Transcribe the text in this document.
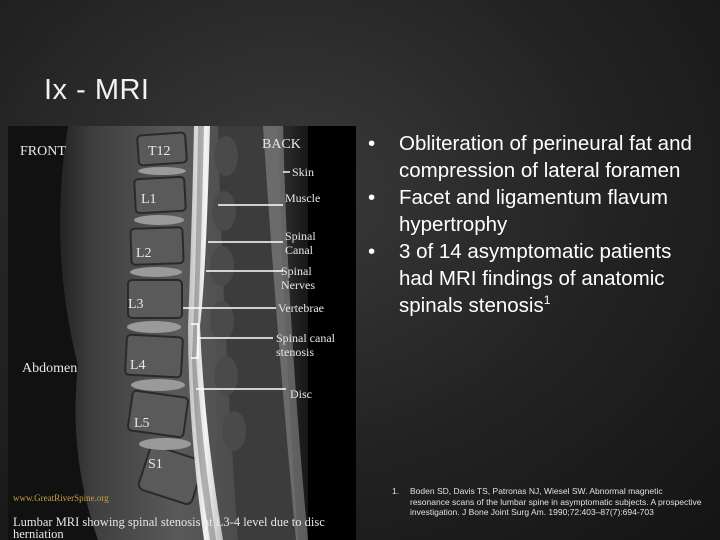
Ix - MRI
FRONT	BACK
T12
L1
L2
L3
L4
L5
S1
Abdomen
Skin
Muscle
Spinal
Canal
Spinal
Nerves
Vertebrae
Spinal canal
stenosis
Disc
www.GreatRiverSpine.org
Lumbar MRI showing spinal stenosis at L3-4 level due to disc herniation
• Obliteration of perineural fat and compression of lateral foramen
• Facet and ligamentum flavum hypertrophy
• 3 of 14 asymptomatic patients had MRI findings of anatomic spinals stenosis$^1$
1.	Boden SD, Davis TS, Patronas NJ, Wiesel SW. Abnormal magnetic resonance scans of the lumbar spine in asymptomatic subjects. A prospective investigation. J Bone Joint Surg Am. 1990;72:403–87(7):694-703
